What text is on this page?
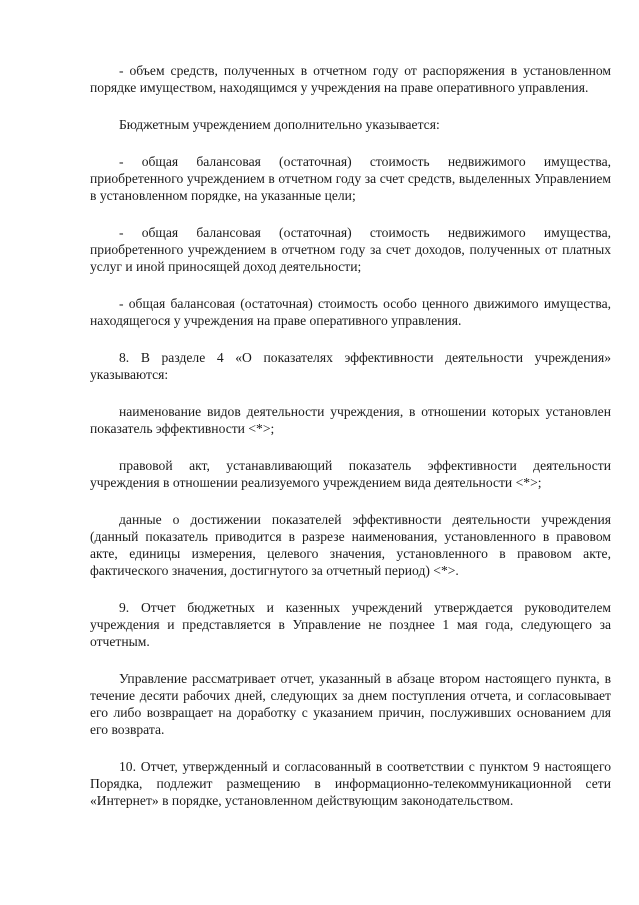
- объем средств, полученных в отчетном году от распоряжения в установленном порядке имуществом, находящимся у учреждения на праве оперативного управления.

Бюджетным учреждением дополнительно указывается:

- общая балансовая (остаточная) стоимость недвижимого имущества, приобретенного учреждением в отчетном году за счет средств, выделенных Управлением в установленном порядке, на указанные цели;

- общая балансовая (остаточная) стоимость недвижимого имущества, приобретенного учреждением в отчетном году за счет доходов, полученных от платных услуг и иной приносящей доход деятельности;

- общая балансовая (остаточная) стоимость особо ценного движимого имущества, находящегося у учреждения на праве оперативного управления.

8. В разделе 4 «О показателях эффективности деятельности учреждения» указываются:

наименование видов деятельности учреждения, в отношении которых установлен показатель эффективности <*>;

правовой акт, устанавливающий показатель эффективности деятельности учреждения в отношении реализуемого учреждением вида деятельности <*>;

данные о достижении показателей эффективности деятельности учреждения (данный показатель приводится в разрезе наименования, установленного в правовом акте, единицы измерения, целевого значения, установленного в правовом акте, фактического значения, достигнутого за отчетный период) <*>.

9. Отчет бюджетных и казенных учреждений утверждается руководителем учреждения и представляется в Управление не позднее 1 мая года, следующего за отчетным.

Управление рассматривает отчет, указанный в абзаце втором настоящего пункта, в течение десяти рабочих дней, следующих за днем поступления отчета, и согласовывает его либо возвращает на доработку с указанием причин, послуживших основанием для его возврата.

10. Отчет, утвержденный и согласованный в соответствии с пунктом 9 настоящего Порядка, подлежит размещению в информационно-телекоммуникационной сети «Интернет» в порядке, установленном действующим законодательством.
